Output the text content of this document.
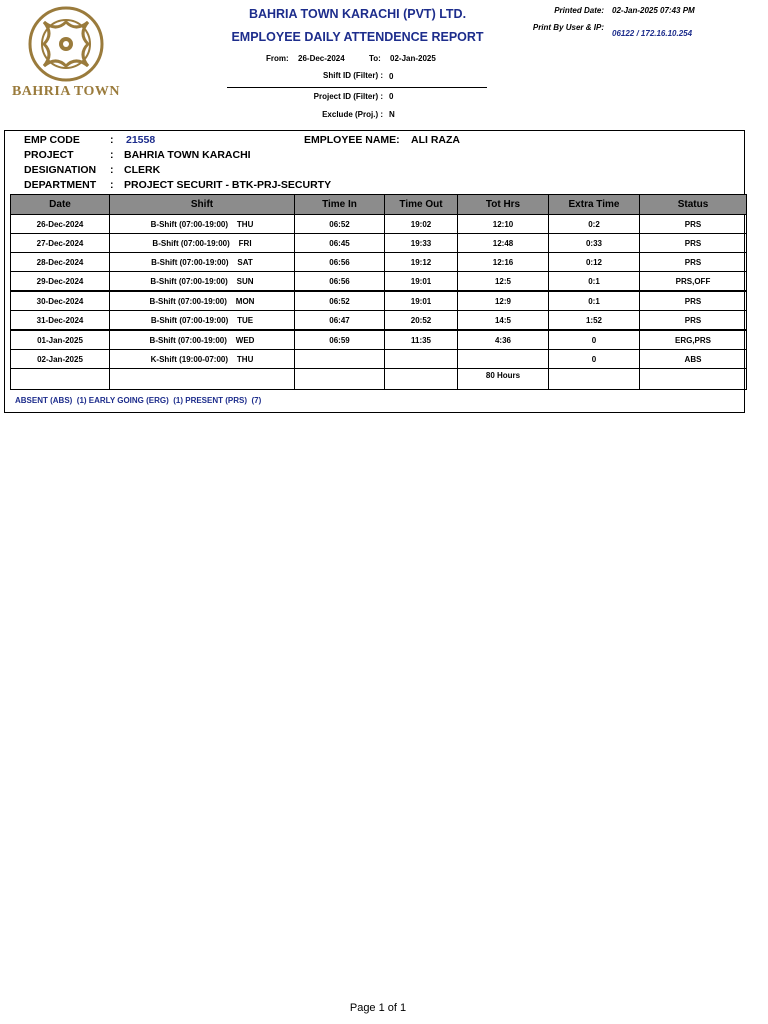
BAHRIA TOWN
BAHRIA TOWN KARACHI (PVT) LTD.
EMPLOYEE DAILY ATTENDENCE REPORT
From: 26-Dec-2024	To: 02-Jan-2025
Shift ID (Filter) : 0
Project ID (Filter) : 0
Exclude (Proj.) : N
Printed Date: 02-Jan-2025 07:43 PM
Print By User & IP:
06122 / 172.16.10.254
EMP CODE	: 21558	EMPLOYEE NAME: ALI RAZA
PROJECT	: BAHRIA TOWN KARACHI
DESIGNATION : CLERK
DEPARTMENT : PROJECT SECURIT - BTK-PRJ-SECURTY
Date	Shift	Time In	Time Out	Tot Hrs	Extra Time	Status
26-Dec-2024	B-Shift (07:00-19:00)    THU	06:52	19:02	12:10	0:2	PRS
27-Dec-2024	B-Shift (07:00-19:00)    FRI	06:45	19:33	12:48	0:33	PRS
28-Dec-2024	B-Shift (07:00-19:00)    SAT	06:56	19:12	12:16	0:12	PRS
29-Dec-2024	B-Shift (07:00-19:00)    SUN	06:56	19:01	12:5	0:1	PRS,OFF
30-Dec-2024	B-Shift (07:00-19:00)    MON	06:52	19:01	12:9	0:1	PRS
31-Dec-2024	B-Shift (07:00-19:00)    TUE	06:47	20:52	14:5	1:52	PRS
01-Jan-2025	B-Shift (07:00-19:00)    WED	06:59	11:35	4:36	0	ERG,PRS
02-Jan-2025	K-Shift (19:00-07:00)    THU				0	ABS
				80 Hours		
ABSENT (ABS)  (1) EARLY GOING (ERG)  (1) PRESENT (PRS)  (7)
Page 1 of 1
